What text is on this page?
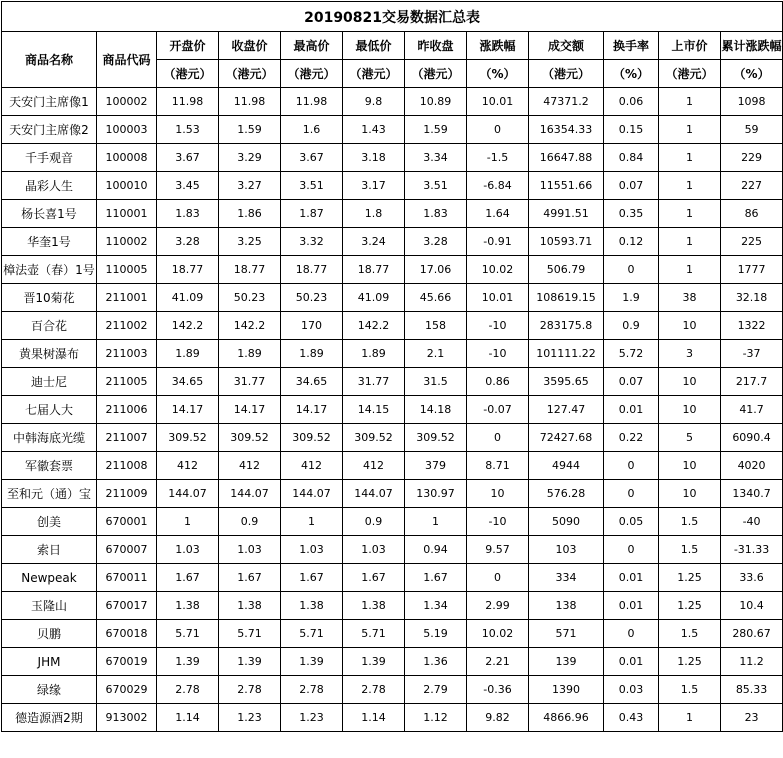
20190821交易数据汇总表											
商品名称	商品代码	开盘价	收盘价	最高价	最低价	昨收盘	涨跌幅	成交额	换手率	上市价	累计涨跌幅
		（港元）	（港元）	（港元）	（港元）	（港元）	（%）	（港元）	（%）	（港元）	（%）
天安门主席像1	100002	11.98	11.98	11.98	9.8	10.89	10.01	47371.2	0.06	1	1098
天安门主席像2	100003	1.53	1.59	1.6	1.43	1.59	0	16354.33	0.15	1	59
千手观音	100008	3.67	3.29	3.67	3.18	3.34	-1.5	16647.88	0.84	1	229
晶彩人生	100010	3.45	3.27	3.51	3.17	3.51	-6.84	11551.66	0.07	1	227
杨长喜1号	110001	1.83	1.86	1.87	1.8	1.83	1.64	4991.51	0.35	1	86
华奎1号	110002	3.28	3.25	3.32	3.24	3.28	-0.91	10593.71	0.12	1	225
樟法壶（春）1号	110005	18.77	18.77	18.77	18.77	17.06	10.02	506.79	0	1	1777
晋10菊花	211001	41.09	50.23	50.23	41.09	45.66	10.01	108619.15	1.9	38	32.18
百合花	211002	142.2	142.2	170	142.2	158	-10	283175.8	0.9	10	1322
黄果树瀑布	211003	1.89	1.89	1.89	1.89	2.1	-10	101111.22	5.72	3	-37
迪士尼	211005	34.65	31.77	34.65	31.77	31.5	0.86	3595.65	0.07	10	217.7
七届人大	211006	14.17	14.17	14.17	14.15	14.18	-0.07	127.47	0.01	10	41.7
中韩海底光缆	211007	309.52	309.52	309.52	309.52	309.52	0	72427.68	0.22	5	6090.4
军徽套票	211008	412	412	412	412	379	8.71	4944	0	10	4020
至和元（通）宝	211009	144.07	144.07	144.07	144.07	130.97	10	576.28	0	10	1340.7
创美	670001	1	0.9	1	0.9	1	-10	5090	0.05	1.5	-40
索日	670007	1.03	1.03	1.03	1.03	0.94	9.57	103	0	1.5	-31.33
Newpeak	670011	1.67	1.67	1.67	1.67	1.67	0	334	0.01	1.25	33.6
玉隆山	670017	1.38	1.38	1.38	1.38	1.34	2.99	138	0.01	1.25	10.4
贝鹏	670018	5.71	5.71	5.71	5.71	5.19	10.02	571	0	1.5	280.67
JHM	670019	1.39	1.39	1.39	1.39	1.36	2.21	139	0.01	1.25	11.2
绿缘	670029	2.78	2.78	2.78	2.78	2.79	-0.36	1390	0.03	1.5	85.33
德造源酒2期	913002	1.14	1.23	1.23	1.14	1.12	9.82	4866.96	0.43	1	23
